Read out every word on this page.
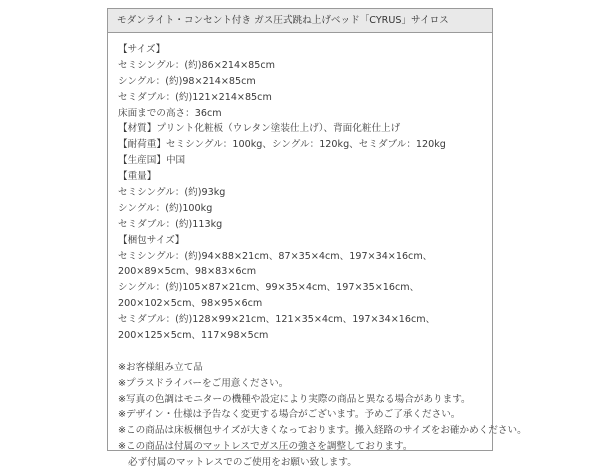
モダンライト・コンセント付き ガス圧式跳ね上げベッド「CYRUS」サイロス
【サイズ】
セミシングル：(約)86×214×85cm
シングル：(約)98×214×85cm
セミダブル：(約)121×214×85cm
床面までの高さ：36cm
【材質】プリント化粧板（ウレタン塗装仕上げ）、背面化粧仕上げ
【耐荷重】セミシングル：100kg、シングル：120kg、セミダブル：120kg
【生産国】中国
【重量】
セミシングル：(約)93kg
シングル：(約)100kg
セミダブル：(約)113kg
【梱包サイズ】
セミシングル：(約)94×88×21cm、87×35×4cm、197×34×16cm、
200×89×5cm、98×83×6cm
シングル：(約)105×87×21cm、99×35×4cm、197×35×16cm、
200×102×5cm、98×95×6cm
セミダブル：(約)128×99×21cm、121×35×4cm、197×34×16cm、
200×125×5cm、117×98×5cm
※お客様組み立て品
※プラスドライバーをご用意ください。
※写真の色調はモニターの機種や設定により実際の商品と異なる場合があります。
※デザイン・仕様は予告なく変更する場合がございます。予めご了承ください。
※この商品は床板梱包サイズが大きくなっております。搬入経路のサイズをお確かめください。
※この商品は付属のマットレスでガス圧の強さを調整しております。
必ず付属のマットレスでのご使用をお願い致します。
